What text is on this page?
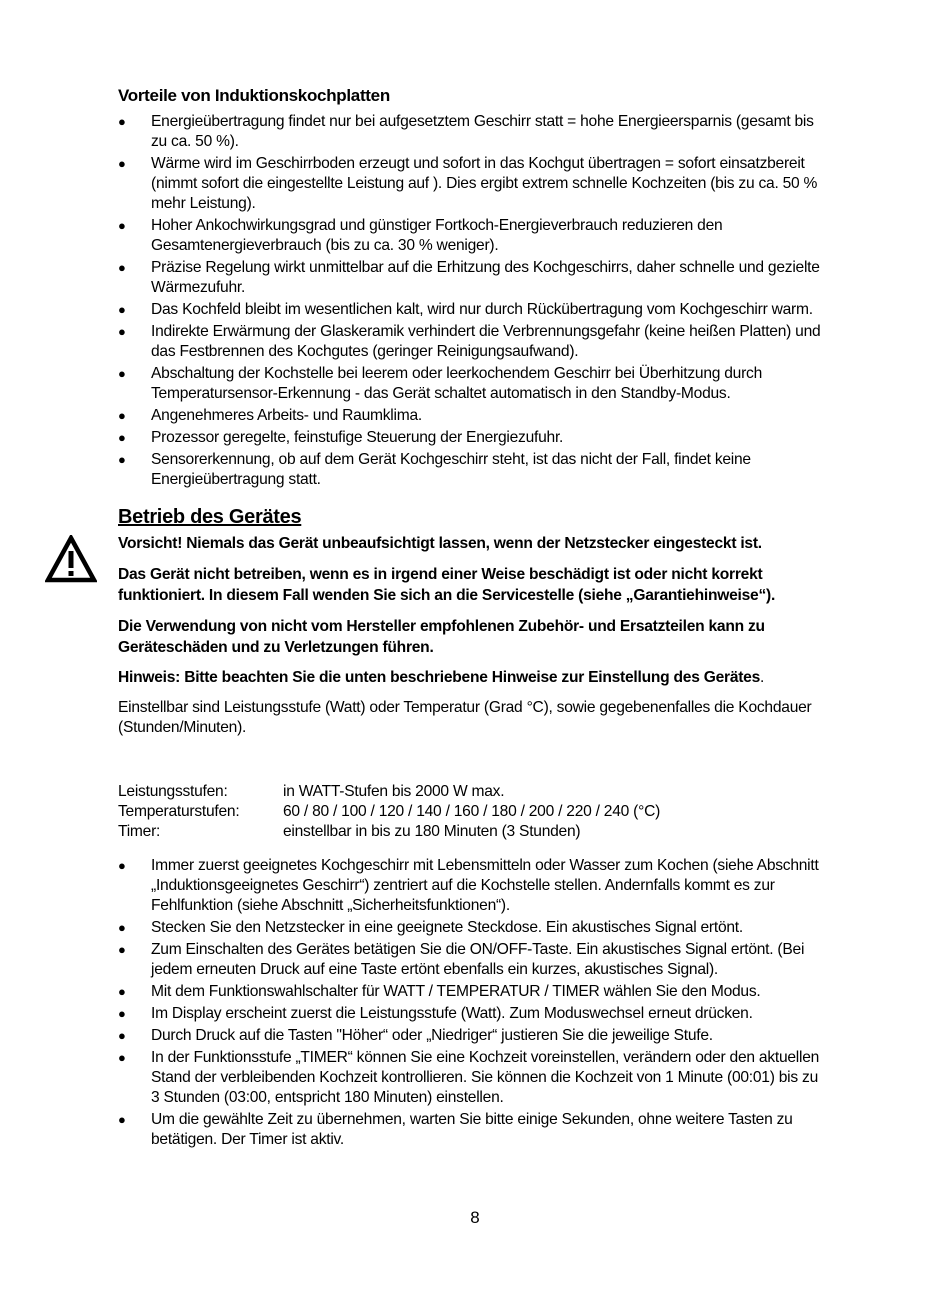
Vorteile von Induktionskochplatten
● Energieübertragung findet nur bei aufgesetztem Geschirr statt = hohe Energieersparnis (gesamt bis zu ca. 50 %).
● Wärme wird im Geschirrboden erzeugt und sofort in das Kochgut übertragen = sofort einsatzbereit (nimmt sofort die eingestellte Leistung auf ). Dies ergibt extrem schnelle Kochzeiten (bis zu ca. 50 % mehr Leistung).
● Hoher Ankochwirkungsgrad und günstiger Fortkoch-Energieverbrauch reduzieren den Gesamtenergieverbrauch (bis zu ca. 30 % weniger).
● Präzise Regelung wirkt unmittelbar auf die Erhitzung des Kochgeschirrs, daher schnelle und gezielte Wärmezufuhr.
● Das Kochfeld bleibt im wesentlichen kalt, wird nur durch Rückübertragung vom Kochgeschirr warm.
● Indirekte Erwärmung der Glaskeramik verhindert die Verbrennungsgefahr (keine heißen Platten) und das Festbrennen des Kochgutes (geringer Reinigungsaufwand).
● Abschaltung der Kochstelle bei leerem oder leerkochendem Geschirr bei Überhitzung durch Temperatursensor-Erkennung - das Gerät schaltet automatisch in den Standby-Modus.
● Angenehmeres Arbeits- und Raumklima.
● Prozessor geregelte, feinstufige Steuerung der Energiezufuhr.
● Sensorerkennung, ob auf dem Gerät Kochgeschirr steht, ist das nicht der Fall, findet keine Energieübertragung statt.
Betrieb des Gerätes

Vorsicht! Niemals das Gerät unbeaufsichtigt lassen, wenn der Netzstecker eingesteckt ist.

Das Gerät nicht betreiben, wenn es in irgend einer Weise beschädigt ist oder nicht korrekt funktioniert. In diesem Fall wenden Sie sich an die Servicestelle (siehe „Garantiehinweise“).

Die Verwendung von nicht vom Hersteller empfohlenen Zubehör- und Ersatzteilen kann zu Geräteschäden und zu Verletzungen führen.

Hinweis: Bitte beachten Sie die unten beschriebene Hinweise zur Einstellung des Gerätes.

Einstellbar sind Leistungsstufe (Watt) oder Temperatur (Grad °C), sowie gegebenenfalles die Kochdauer (Stunden/Minuten).

Leistungsstufen:	in WATT-Stufen bis 2000 W max.
Temperaturstufen:	60 / 80 / 100 / 120 / 140 / 160 / 180 / 200 / 220 / 240 (°C)
Timer:	einstellbar in bis zu 180 Minuten (3 Stunden)
● Immer zuerst geeignetes Kochgeschirr mit Lebensmitteln oder Wasser zum Kochen (siehe Abschnitt „Induktionsgeeignetes Geschirr“) zentriert auf die Kochstelle stellen. Andernfalls kommt es zur Fehlfunktion (siehe Abschnitt „Sicherheitsfunktionen“).
● Stecken Sie den Netzstecker in eine geeignete Steckdose. Ein akustisches Signal ertönt.
● Zum Einschalten des Gerätes betätigen Sie die ON/OFF-Taste. Ein akustisches Signal ertönt. (Bei jedem erneuten Druck auf eine Taste ertönt ebenfalls ein kurzes, akustisches Signal).
● Mit dem Funktionswahlschalter für WATT / TEMPERATUR / TIMER wählen Sie den Modus.
● Im Display erscheint zuerst die Leistungsstufe (Watt). Zum Moduswechsel erneut drücken.
● Durch Druck auf die Tasten "Höher“ oder „Niedriger“ justieren Sie die jeweilige Stufe.
● In der Funktionsstufe „TIMER“ können Sie eine Kochzeit voreinstellen, verändern oder den aktuellen Stand der verbleibenden Kochzeit kontrollieren. Sie können die Kochzeit von 1 Minute (00:01) bis zu 3 Stunden (03:00, entspricht 180 Minuten) einstellen.
● Um die gewählte Zeit zu übernehmen, warten Sie bitte einige Sekunden, ohne weitere Tasten zu betätigen. Der Timer ist aktiv.
8
